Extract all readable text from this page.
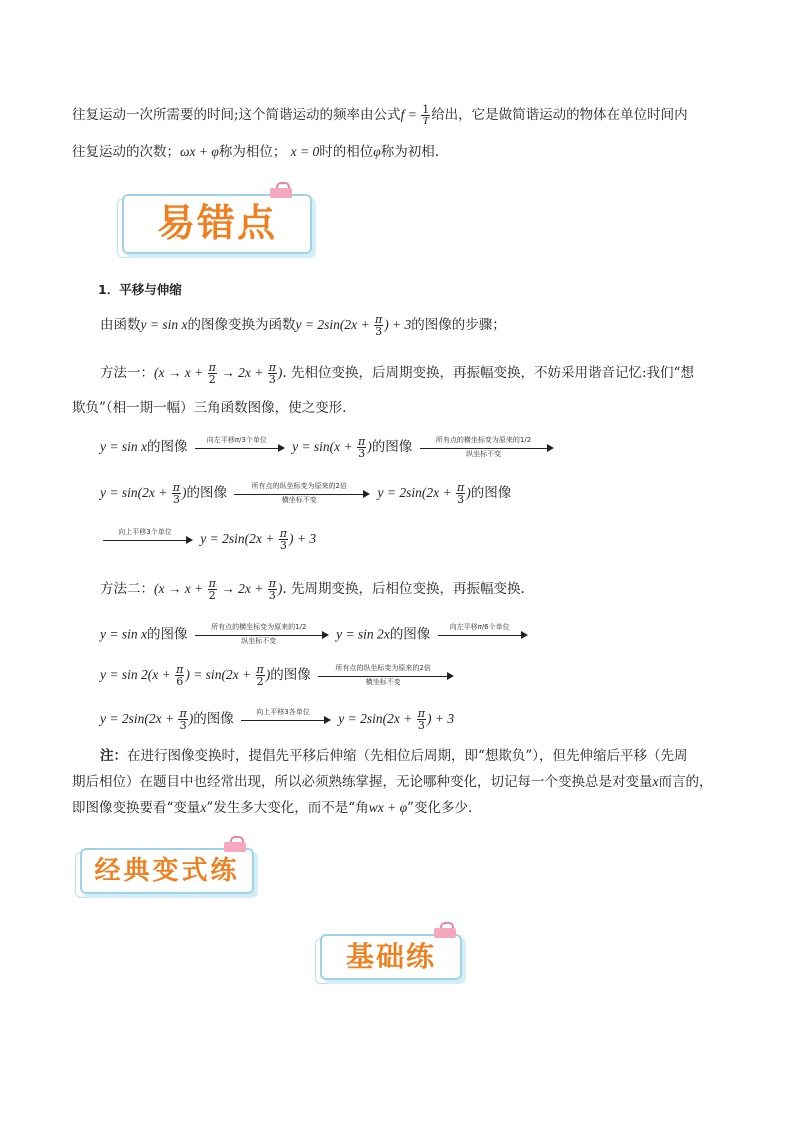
往复运动一次所需要的时间;这个简谐运动的频率由公式$f = \frac{1}{T}$ 给出，它是做简谐运动的物体在单位时间内
往复运动的次数；ωx + φ称为相位； x = 0时的相位φ称为初相.
易错点
1．平移与伸缩
由函数y = sin x的图像变换为函数$y = 2\sin(2x + \frac{\pi}{3}$ ) + 3的图像的步骤；
方法一：($x \to x + \frac{\pi}{2} \to 2x + \frac{\pi}{3}$ ). 先相位变换，后周期变换，再振幅变换，不妨采用谐音记忆:我们“想
欺负”（相一期一幅）三角函数图像，使之变形.
y = sin x的图像	向左平移π/3个单位	$y = \sin(x + \frac{\pi}{3}$ )的图像	所有点的横坐标变为原来的1/2
纵坐标不变
$y = \sin(2x + \frac{\pi}{3}$ )的图像	所有点的纵坐标变为原来的2倍
横坐标不变	$y = 2\sin(2x + \frac{\pi}{3}$ )的图像
向上平移3个单位	$y = 2\sin(2x + \frac{\pi}{3}$ ) + 3
方法二：($x \to x + \frac{\pi}{2} \to 2x + \frac{\pi}{3}$ ). 先周期变换，后相位变换，再振幅变换.
y = sin x的图像	所有点的横坐标变为原来的1/2
纵坐标不变	y = sin 2x的图像	向左平移π/6个单位
$y = \sin 2(x + \frac{\pi}{6}$ ) = $\sin(2x + \frac{\pi}{2}$ )的图像	所有点的纵坐标变为原来的2倍
横坐标不变
$y = 2\sin(2x + \frac{\pi}{3}$ )的图像	向上平移3各单位	$y = 2\sin(2x + \frac{\pi}{3}$ ) + 3
注：在进行图像变换时，提倡先平移后伸缩（先相位后周期，即“想欺负”），但先伸缩后平移（先周
期后相位）在题目中也经常出现，所以必须熟练掌握，无论哪种变化，切记每一个变换总是对变量x而言的，
即图像变换要看“变量x”发生多大变化，而不是“角wx + φ”变化多少.
经典变式练
基础练
